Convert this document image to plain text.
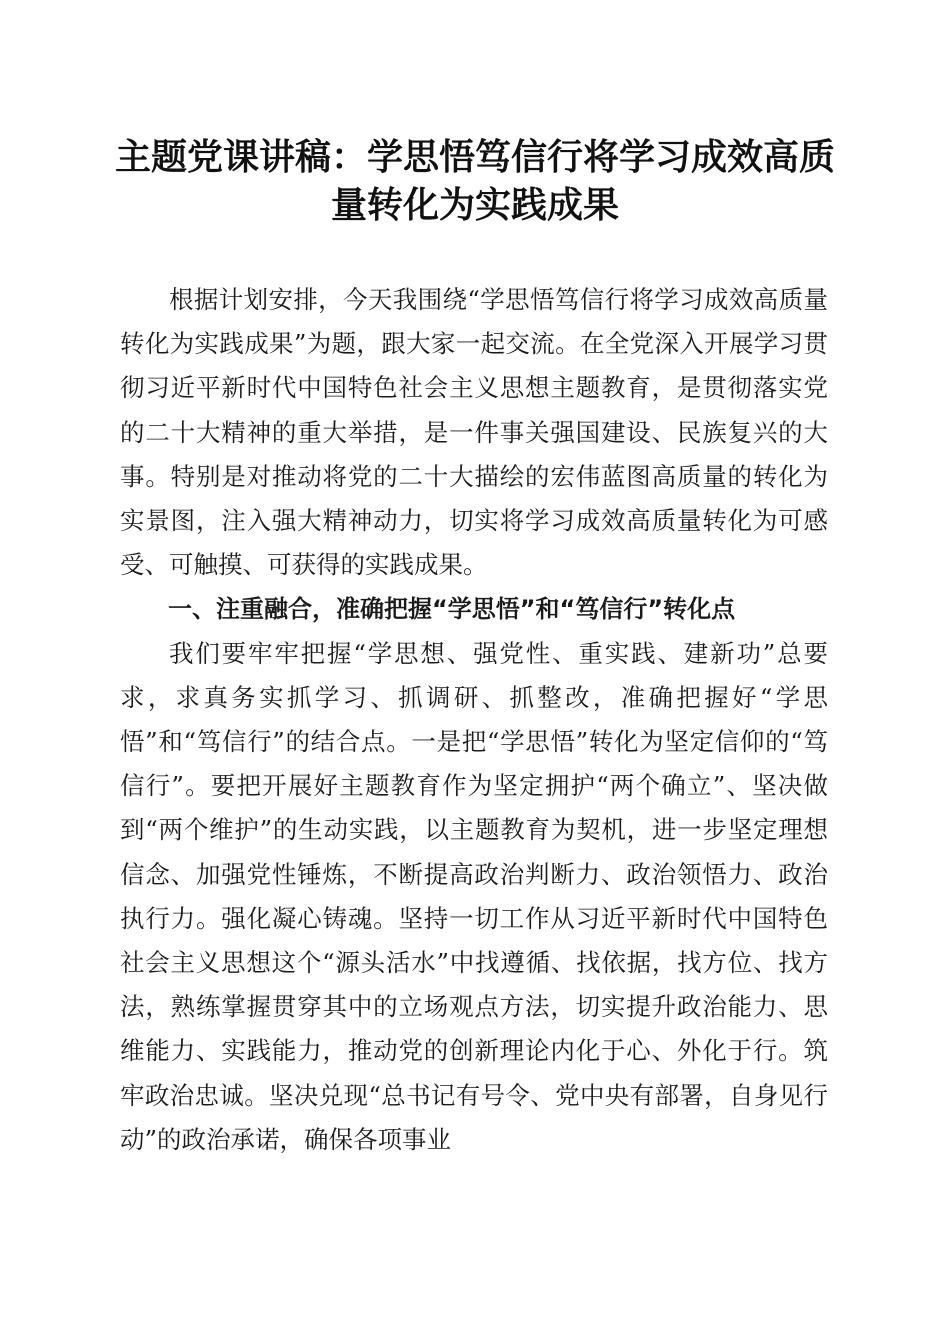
主题党课讲稿：学思悟笃信行将学习成效高质量转化为实践成果

根据计划安排，今天我围绕“学思悟笃信行将学习成效高质量转化为实践成果”为题，跟大家一起交流。在全党深入开展学习贯彻习近平新时代中国特色社会主义思想主题教育，是贯彻落实党的二十大精神的重大举措，是一件事关强国建设、民族复兴的大事。特别是对推动将党的二十大描绘的宏伟蓝图高质量的转化为实景图，注入强大精神动力，切实将学习成效高质量转化为可感受、可触摸、可获得的实践成果。

一、注重融合，准确把握“学思悟”和“笃信行”转化点

我们要牢牢把握“学思想、强党性、重实践、建新功”总要求，求真务实抓学习、抓调研、抓整改，准确把握好“学思悟”和“笃信行”的结合点。一是把“学思悟”转化为坚定信仰的“笃信行”。要把开展好主题教育作为坚定拥护“两个确立”、坚决做到“两个维护”的生动实践，以主题教育为契机，进一步坚定理想信念、加强党性锤炼，不断提高政治判断力、政治领悟力、政治执行力。强化凝心铸魂。坚持一切工作从习近平新时代中国特色社会主义思想这个“源头活水”中找遵循、找依据，找方位、找方法，熟练掌握贯穿其中的立场观点方法，切实提升政治能力、思维能力、实践能力，推动党的创新理论内化于心、外化于行。筑牢政治忠诚。坚决兑现“总书记有号令、党中央有部署，自身见行动”的政治承诺，确保各项事业
